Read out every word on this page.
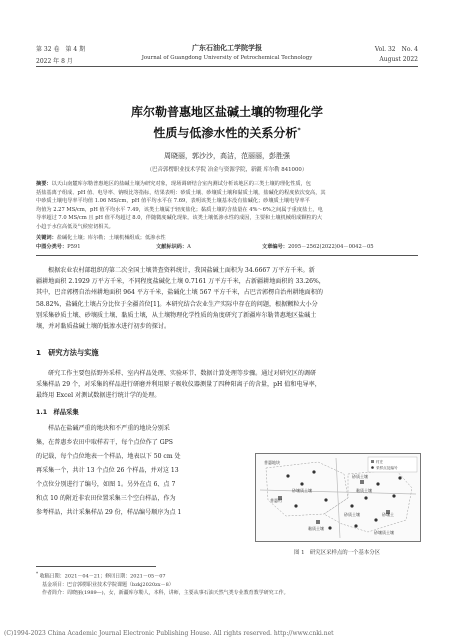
第 32 卷　第 4 期
2022 年 8 月
广东石油化工学院学报
Journal of Guangdong University of Petrochemical Technology
Vol. 32　No. 4
August 2022
库尔勒普惠地区盐碱土壤的物理化学
性质与低渗水性的关系分析*
周晓丽，郭沙沙，高洁，范丽丽，彭胜强
（巴音郭楞职业技术学院 冶金与资源学院，新疆 库尔勒 841000）
摘要：以天山南麓库尔勒普惠地区的盐碱土壤为研究对象，现场调研结合室内测试分析该地区的三类土壤的理化性质，包
括盐基离子组成、pH 值、电导率、钠吸比等指标，结果表明：砂质土壤、砂壤质土壤和黏质土壤，盐碱化的程度依次变高，其
中砂质土壤电导率平均值 1.06 MS/cm，pH 值平均水平在 7.69，表明该类土壤基本没有盐碱化；砂壤质土壤电导率平
均值为 2.27 MS/cm，pH 值平均水平 7.49，该类土壤属于轻度盐化；黏质土壤的含盐量在 4%～6%之间属于重度盐土，电
导率超过 7.0 MS/cm 且 pH 值平均超过 8.0，伴随微度碱化现象。该类土壤低渗水性的成因，主要和土壤机械组成颗粒的大
小趋于水位高低及气候密切相关。
关键词：盐碱化土壤；库尔勒；土壤机械组成；低渗水性
中图分类号：P591	文献标识码：A	文章编号：2095－2562(2022)04－0042－05
根据农业农村部组织的第二次全国土壤普查资料统计，我国盐碱土面积为 34.6667 万平方千米。新
疆耕地面积 2.1929 万平方千米，不同程度盐碱化土壤 0.7161 万平方千米，占新疆耕地面积的 33.26%，
其中，巴音郭楞自治州耕地面积 964 平方千米，盐碱化土壤 567 平方千米，占巴音郭楞自治州耕地面积的
58.82%，盐碱化土壤占分比位于全疆首位[1]。本研究结合农业生产实际中存在的问题，根据颗粒大小分
别采集砂质土壤、砂壤质土壤、黏质土壤，从土壤物理化学性质的角度研究了新疆库尔勒普惠地区盐碱土
壤，并对黏质盐碱土壤的低渗水进行初步的探讨。
1　研究方法与实施
研究工作主要包括野外采样、室内样品处理、实验环节、数据计算处理等步骤。通过对研究区的调研
采集样品 29 个，对采集的样品进行研磨并利用原子吸收仪器测量了四种阳离子的含量，pH 值和电导率，
最终用 Excel 对测试数据进行统计学的处理。
1.1　样品采集
样品在盐碱严重的地块和不严重的地块分别采
集，在普惠乡农田中取样若干，每个点位作了 GPS
的记载，每个点位地表一个样品，地表以下 50 cm 处
再采集一个，共计 13 个点位 26 个样品，并对这 13
个点位分别进行了编号，如图 1。另外在点 6、点 7
和点 10 的附近非农田位置采集三个空白样品，作为
参考样品，共计采集样品 29 份，样品编号顺序为点 1
普惠村
砂质土壤
黏质土壤
砂壤土
普惠地块
砂壤质土壤	黏质土壤
砂质土壤
砂壤质土壤
村庄
采样点及编号
图 1　研究区采样点的一个基本分区
* 收稿日期：2021－04－21；修回日期：2021－05－07
基金项目：巴音郭楞职业技术学院课题（bzkj2020zx－8）
作者简介：周晓丽(1989—)，女，新疆库尔勒人，本科，讲师，主要从事石油天然气类专业教育教学研究工作。
(C)1994-2023 China Academic Journal Electronic Publishing House. All rights reserved. http://www.cnki.net
